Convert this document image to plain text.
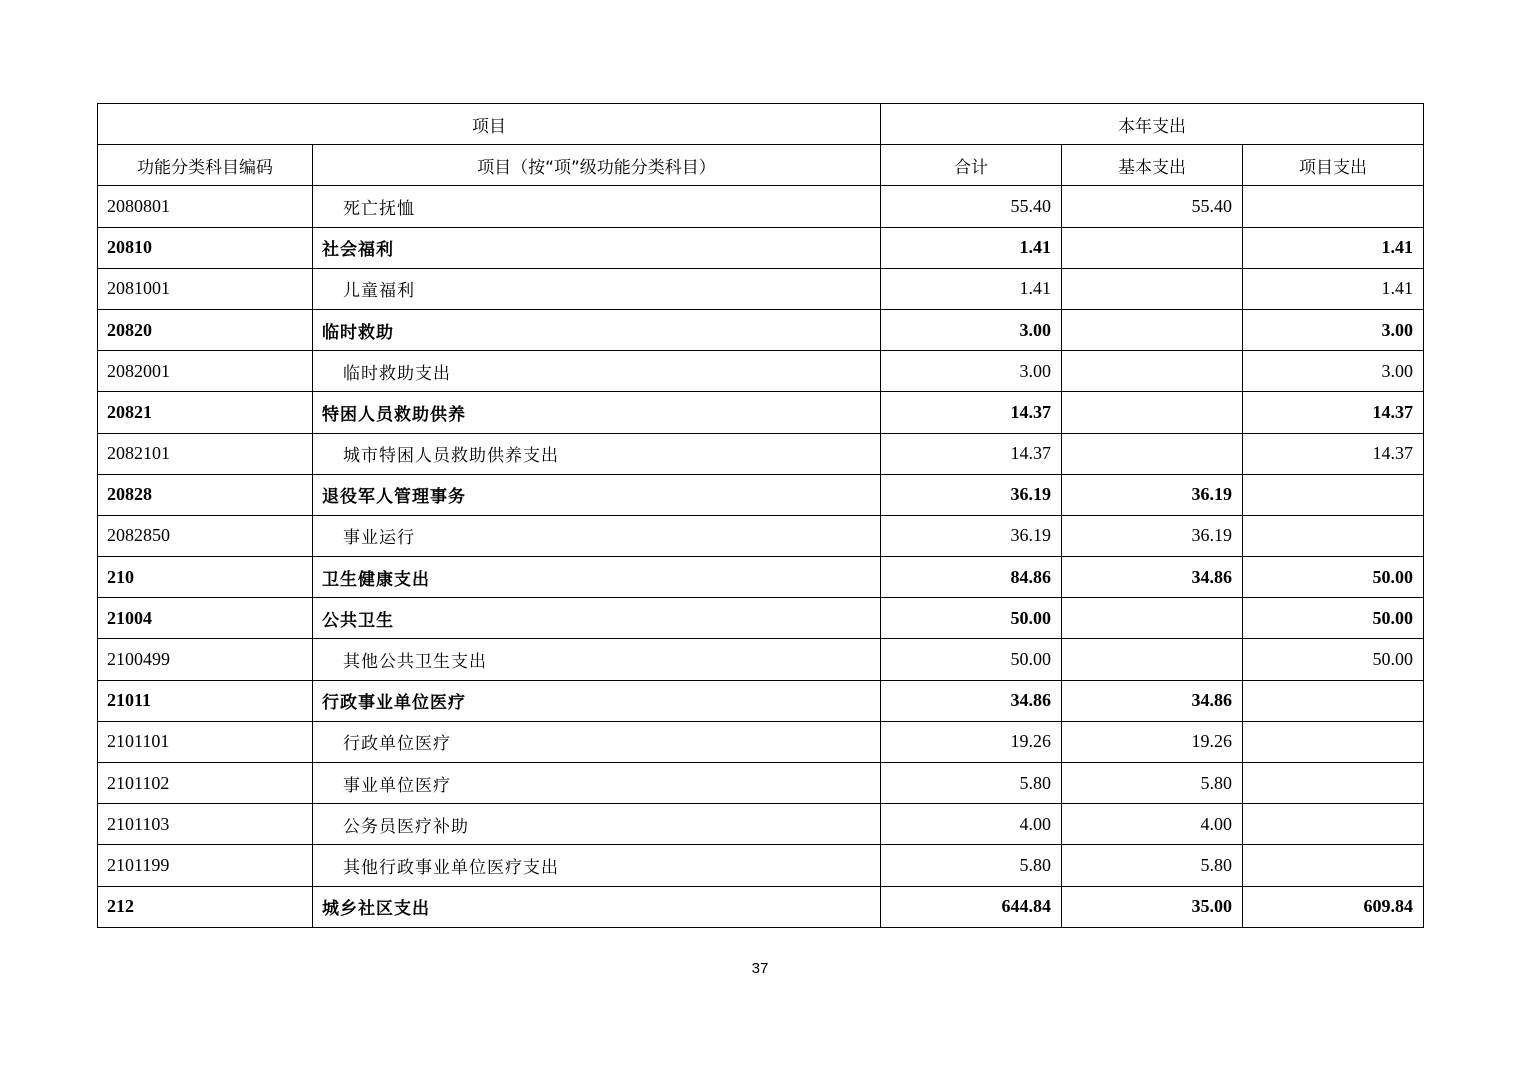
项目		本年支出		
功能分类科目编码	项目（按“项”级功能分类科目）	合计	基本支出	项目支出
2080801	死亡抚恤	55.40	55.40	
20810	社会福利	1.41		1.41
2081001	儿童福利	1.41		1.41
20820	临时救助	3.00		3.00
2082001	临时救助支出	3.00		3.00
20821	特困人员救助供养	14.37		14.37
2082101	城市特困人员救助供养支出	14.37		14.37
20828	退役军人管理事务	36.19	36.19	
2082850	事业运行	36.19	36.19	
210	卫生健康支出	84.86	34.86	50.00
21004	公共卫生	50.00		50.00
2100499	其他公共卫生支出	50.00		50.00
21011	行政事业单位医疗	34.86	34.86	
2101101	行政单位医疗	19.26	19.26	
2101102	事业单位医疗	5.80	5.80	
2101103	公务员医疗补助	4.00	4.00	
2101199	其他行政事业单位医疗支出	5.80	5.80	
212	城乡社区支出	644.84	35.00	609.84
37
